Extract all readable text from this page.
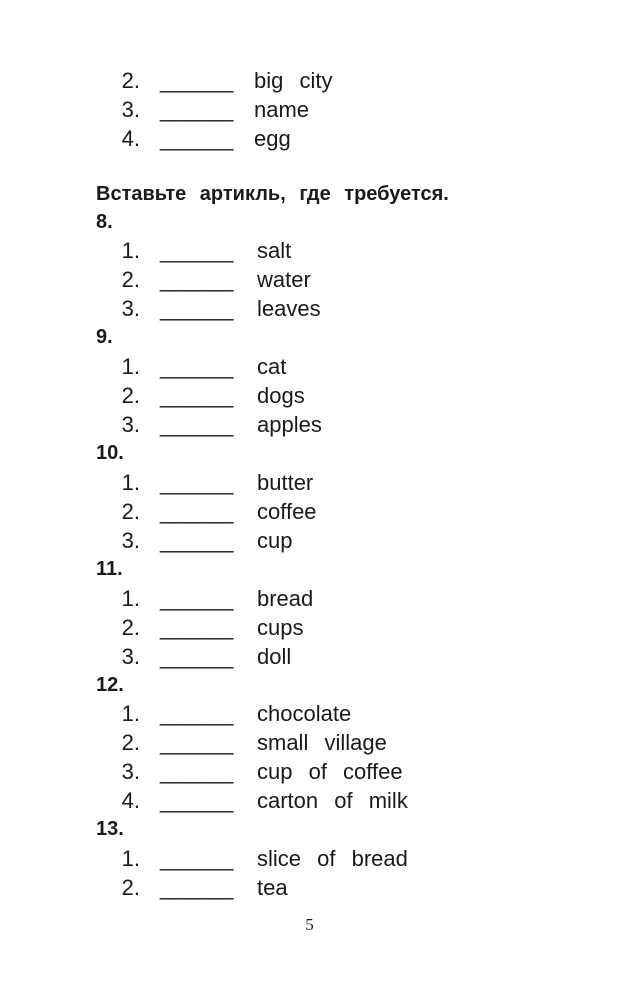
2. ______ big city
3. ______ name
4. ______ egg
Вставьте артикль, где требуется.
8.
1. ______ salt
2. ______ water
3. ______ leaves
9.
1. ______ cat
2. ______ dogs
3. ______ apples
10.
1. ______ butter
2. ______ coffee
3. ______ cup
11.
1. ______ bread
2. ______ cups
3. ______ doll
12.
1. ______ chocolate
2. ______ small village
3. ______ cup of coffee
4. ______ carton of milk
13.
1. ______ slice of bread
2. ______ tea
5
